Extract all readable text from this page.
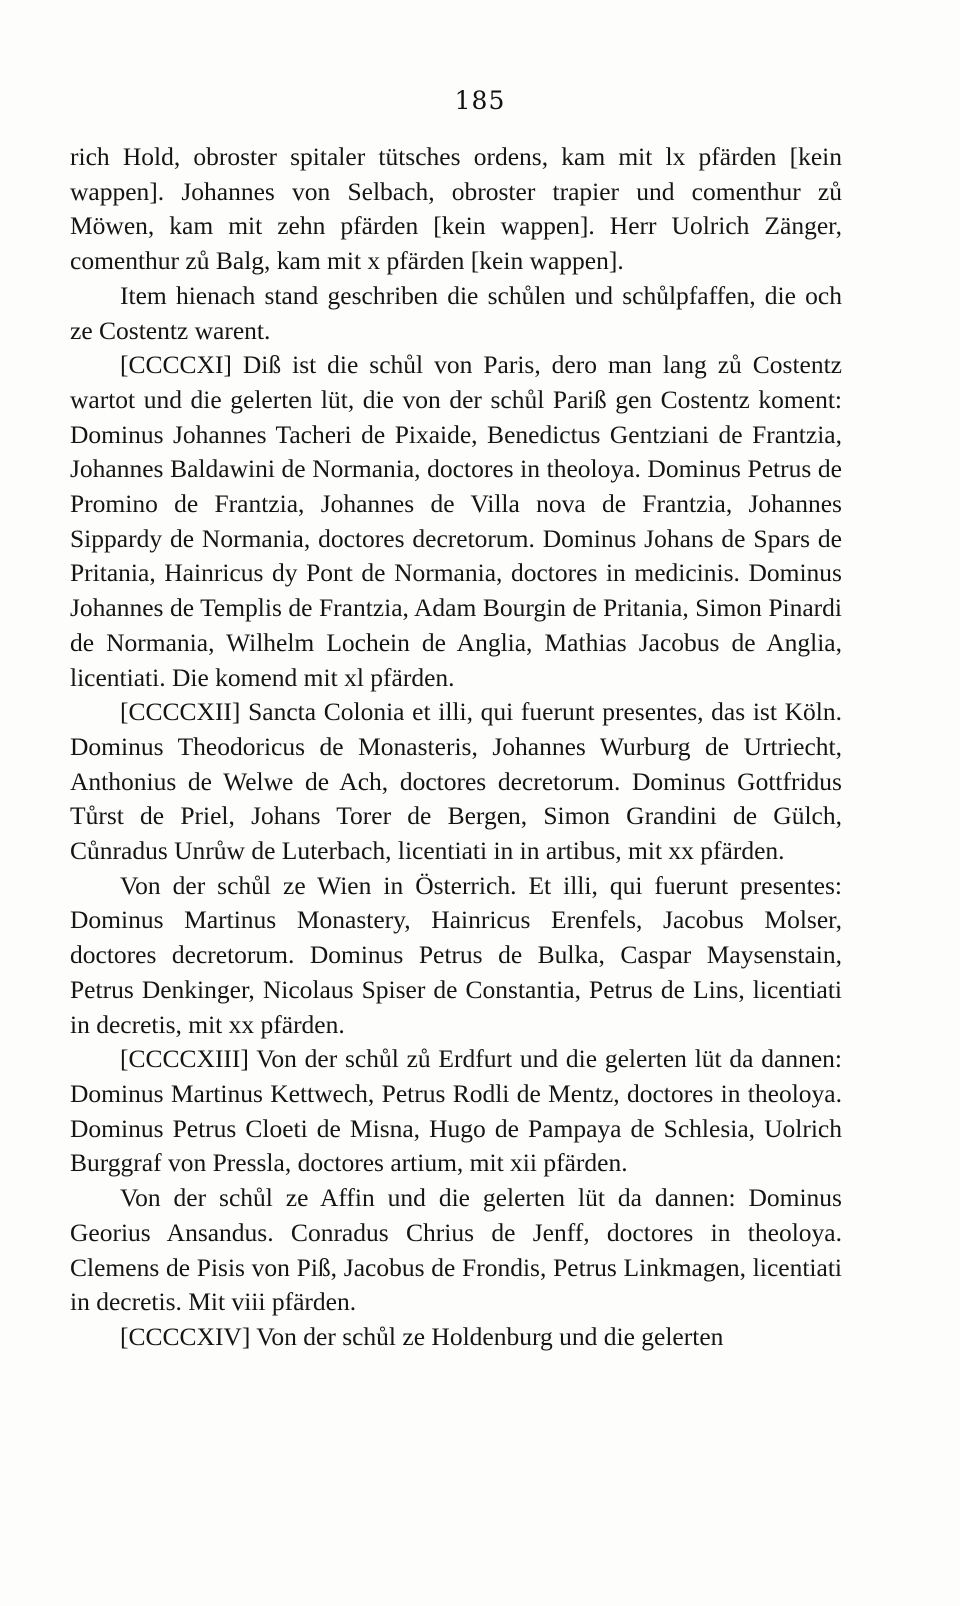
185

rich Hold, obroster spitaler tütsches ordens, kam mit lx pfärden [kein wappen]. Johannes von Selbach, obroster trapier und comenthur zů Möwen, kam mit zehn pfärden [kein wappen]. Herr Uolrich Zänger, comenthur zů Balg, kam mit x pfärden [kein wappen].

Item hienach stand geschriben die schůlen und schůlpfaffen, die och ze Costentz warent.

[CCCCXI] Diß ist die schůl von Paris, dero man lang zů Costentz wartot und die gelerten lüt, die von der schůl Pariß gen Costentz koment: Dominus Johannes Tacheri de Pixaide, Benedictus Gentziani de Frantzia, Johannes Baldawini de Normania, doctores in theoloya. Dominus Petrus de Promino de Frantzia, Johannes de Villa nova de Frantzia, Johannes Sippardy de Normania, doctores decretorum. Dominus Johans de Spars de Pritania, Hainricus dy Pont de Normania, doctores in medicinis. Dominus Johannes de Templis de Frantzia, Adam Bourgin de Pritania, Simon Pinardi de Normania, Wilhelm Lochein de Anglia, Mathias Jacobus de Anglia, licentiati. Die komend mit xl pfärden.

[CCCCXII] Sancta Colonia et illi, qui fuerunt presentes, das ist Köln. Dominus Theodoricus de Monasteris, Johannes Wurburg de Urtriecht, Anthonius de Welwe de Ach, doctores decretorum. Dominus Gottfridus Tůrst de Priel, Johans Torer de Bergen, Simon Grandini de Gülch, Cůnradus Unrůw de Luterbach, licentiati in in artibus, mit xx pfärden.

Von der schůl ze Wien in Österrich. Et illi, qui fuerunt presentes: Dominus Martinus Monastery, Hainricus Erenfels, Jacobus Molser, doctores decretorum. Dominus Petrus de Bulka, Caspar Maysenstain, Petrus Denkinger, Nicolaus Spiser de Constantia, Petrus de Lins, licentiati in decretis, mit xx pfärden.

[CCCCXIII] Von der schůl zů Erdfurt und die gelerten lüt da dannen: Dominus Martinus Kettwech, Petrus Rodli de Mentz, doctores in theoloya. Dominus Petrus Cloeti de Misna, Hugo de Pampaya de Schlesia, Uolrich Burggraf von Pressla, doctores artium, mit xii pfärden.

Von der schůl ze Affin und die gelerten lüt da dannen: Dominus Georius Ansandus. Conradus Chrius de Jenff, doctores in theoloya. Clemens de Pisis von Piß, Jacobus de Frondis, Petrus Linkmagen, licentiati in decretis. Mit viii pfärden.

[CCCCXIV] Von der schůl ze Holdenburg und die gelerten
